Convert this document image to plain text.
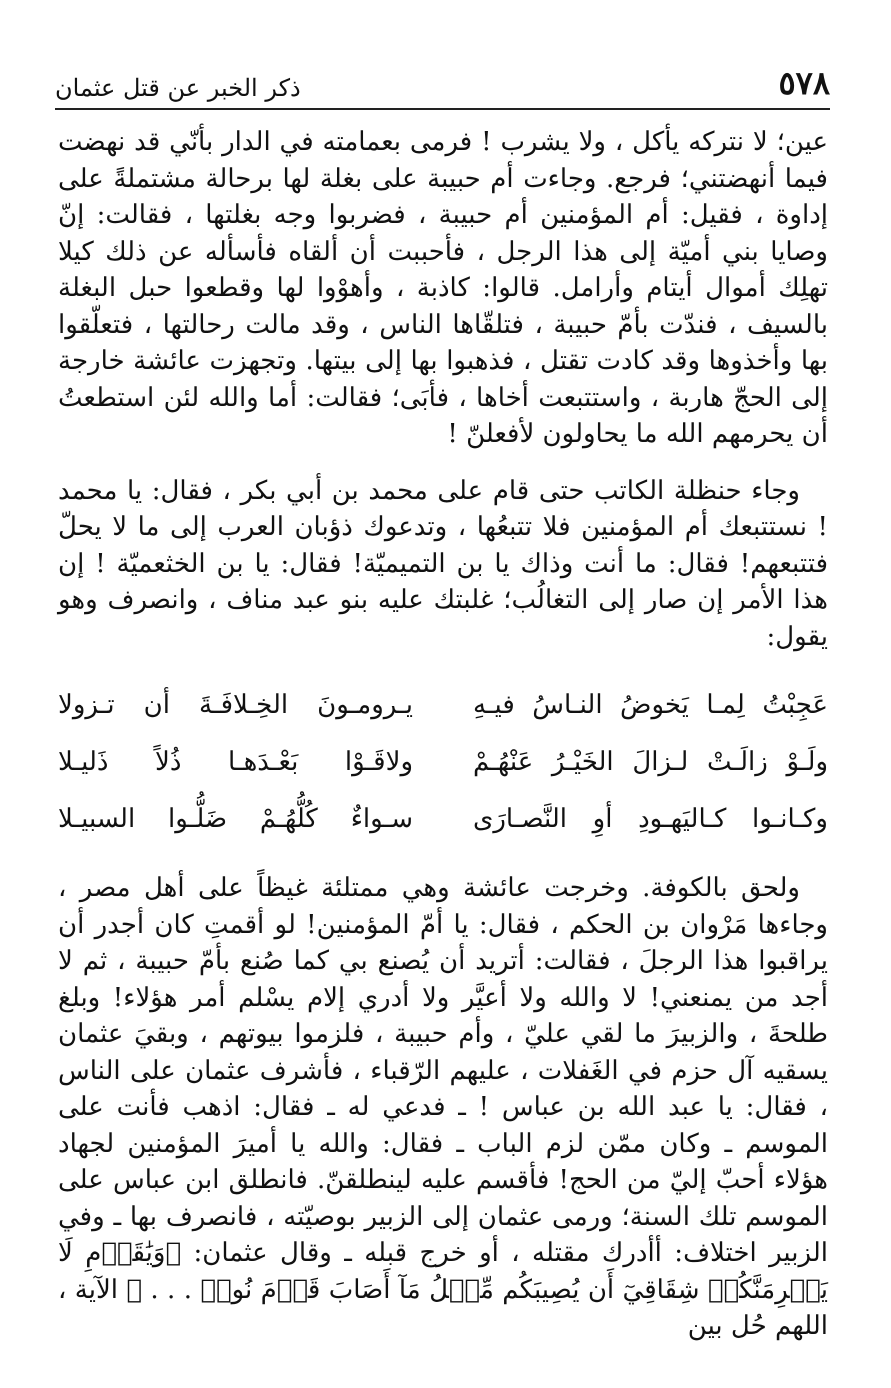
ذكر الخبر عن قتل عثمان	٥٧٨

عين؛ لا نتركه يأكل ، ولا يشرب ! فرمى بعمامته في الدار بأنّي قد نهضت فيما أنهضتني؛ فرجع. وجاءت أم حبيبة على بغلة لها برحالة مشتملةً على إداوة ، فقيل: أم المؤمنين أم حبيبة ، فضربوا وجه بغلتها ، فقالت: إنّ وصايا بني أميّة إلى هذا الرجل ، فأحببت أن ألقاه فأسأله عن ذلك كيلا تهلِك أموال أيتام وأرامل. قالوا: كاذبة ، وأهوْوا لها وقطعوا حبل البغلة بالسيف ، فندّت بأمّ حبيبة ، فتلقّاها الناس ، وقد مالت رحالتها ، فتعلّقوا بها وأخذوها وقد كادت تقتل ، فذهبوا بها إلى بيتها. وتجهزت عائشة خارجة إلى الحجّ هاربة ، واستتبعت أخاها ، فأبَى؛ فقالت: أما والله لئن استطعتُ أن يحرمهم الله ما يحاولون لأفعلنّ !

وجاء حنظلة الكاتب حتى قام على محمد بن أبي بكر ، فقال: يا محمد ! نستتبعك أم المؤمنين فلا تتبعُها ، وتدعوك ذؤبان العرب إلى ما لا يحلّ فتتبعهم! فقال: ما أنت وذاك يا بن التميميّة! فقال: يا بن الخثعميّة ! إن هذا الأمر إن صار إلى التغالُب؛ غلبتك عليه بنو عبد مناف ، وانصرف وهو يقول:

عَجِبْتُ لِمـا يَخوضُ النـاسُ فيـهِ
يـرومـونَ الخِـلافَـةَ أن تـزولا
ولَـوْ زالَـتْ لـزالَ الخَيْـرُ عَنْهُـمْ
ولاقَـوْا بَعْـدَهـا ذُلاً ذَليـلا
وكـانـوا كـاليَهـودِ أوِ النَّصـارَى
سـواءٌ كُلُّهُـمْ ضَلُّـوا السبيـلا

ولحق بالكوفة. وخرجت عائشة وهي ممتلئة غيظاً على أهل مصر ، وجاءها مَرْوان بن الحكم ، فقال: يا أمّ المؤمنين! لو أقمتِ كان أجدر أن يراقبوا هذا الرجلَ ، فقالت: أتريد أن يُصنع بي كما صُنع بأمّ حبيبة ، ثم لا أجد من يمنعني! لا والله ولا أعيَّر ولا أدري إلام يسْلم أمر هؤلاء! وبلغ طلحةَ ، والزبيرَ ما لقي عليّ ، وأم حبيبة ، فلزموا بيوتهم ، وبقيَ عثمان يسقيه آل حزم في الغَفلات ، عليهم الرّقباء ، فأشرف عثمان على الناس ، فقال: يا عبد الله بن عباس ! ـ فدعي له ـ فقال: اذهب فأنت على الموسم ـ وكان ممّن لزم الباب ـ فقال: والله يا أميرَ المؤمنين لجهاد هؤلاء أحبّ إليّ من الحج! فأقسم عليه لينطلقنّ. فانطلق ابن عباس على الموسم تلك السنة؛ ورمى عثمان إلى الزبير بوصيّته ، فانصرف بها ـ وفي الزبير اختلاف: أأدرك مقتله ، أو خرج قبله ـ وقال عثمان: ﴿وَيَٰقَوۡمِ لَا يَجۡرِمَنَّكُمۡ شِقَاقِيٓ أَن يُصِيبَكُم مِّثۡلُ مَآ أَصَابَ قَوۡمَ نُوحٖ . . . ﴾ الآية ، اللهم حُل بين
